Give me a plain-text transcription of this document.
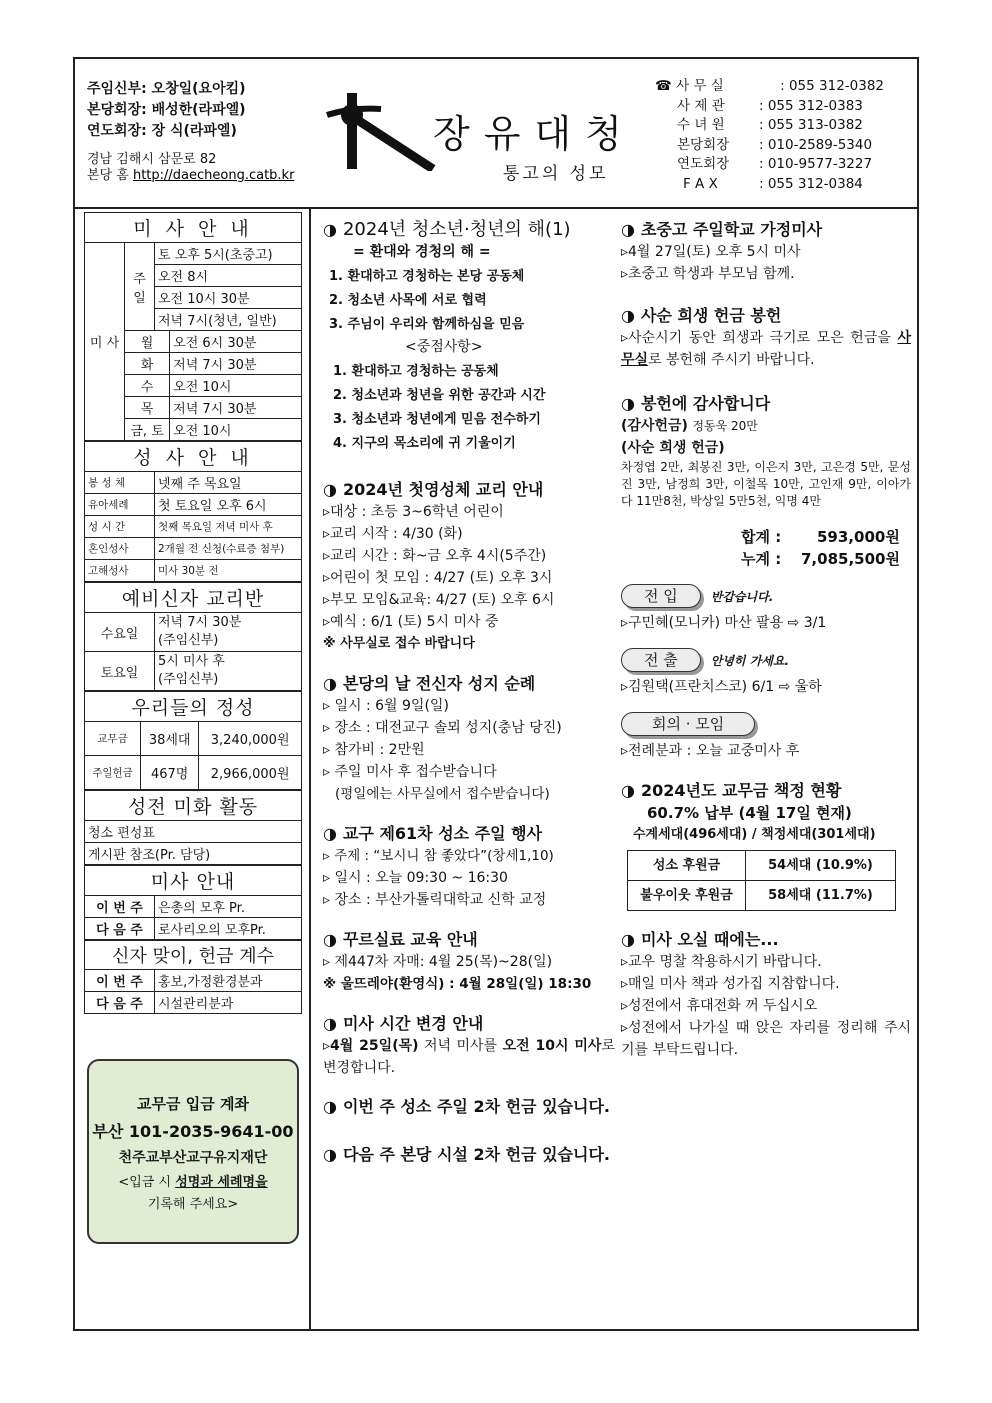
주임신부: 오창일(요아킴)
본당회장: 배성한(라파엘)
연도회장: 장 식(라파엘)
경남 김해시 삼문로 82
본당 홈 http://daecheong.catb.kr
장유대청
통고의 성모
☎ 사 무 실	: 055 312-0382
사 제 관	: 055 312-0383
수 녀 원	: 055 313-0382
본당회장 : 010-2589-5340
연도회장 : 010-9577-3227
F A X	: 055 312-0384
미 사 안 내			
미 사	주 일	토 오후 5시(초중고)	
		오전 8시	
		오전 10시 30분	
		저녁 7시(청년, 일반)	
	월		오전 6시 30분
	화		저녁 7시 30분
	수		오전 10시
	목		저녁 7시 30분
	금, 토		오전 10시
성 사 안 내	
봉 성 체	넷째 주 목요일
유아세례	첫 토요일 오후 6시
성 시 간	첫째 목요일 저녁 미사 후
혼인성사	2개월 전 신청(수료증 첨부)
고해성사	미사 30분 전
예비신자 교리반	
수요일	저녁 7시 30분
(주임신부)

토요일	5시 미사 후
(주임신부)
우리들의 정성		
교무금	38세대	3,240,000원
주일헌금	467명	2,966,000원
성전 미화 활동
청소 편성표
게시판 참조(Pr. 담당)
미사 안내	
이 번 주	은총의 모후 Pr.
다 음 주	로사리오의 모후Pr.
신자 맞이, 헌금 계수	
이 번 주	홍보,가정환경분과
다 음 주	시설관리분과
교무금 입금 계좌
부산 101-2035-9641-00
천주교부산교구유지재단
<입금 시 성명과 세례명을
기록해 주세요>
◑ 2024년 청소년·청년의 해(1)
= 환대와 경청의 해 =
1. 환대하고 경청하는 본당 공동체
2. 청소년 사목에 서로 협력
3. 주님이 우리와 함께하심을 믿음
<중점사항>
1. 환대하고 경청하는 공동체
2. 청소년과 청년을 위한 공간과 시간
3. 청소년과 청년에게 믿음 전수하기
4. 지구의 목소리에 귀 기울이기
◑ 2024년 첫영성체 교리 안내
▹대상 : 초등 3~6학년 어린이
▹교리 시작 : 4/30 (화)
▹교리 시간 : 화~금 오후 4시(5주간)
▹어린이 첫 모임 : 4/27 (토) 오후 3시
▹부모 모임&교육: 4/27 (토) 오후 6시
▹예식 : 6/1 (토) 5시 미사 중
※ 사무실로 접수 바랍니다
◑ 본당의 날 전신자 성지 순례
▹ 일시 : 6월 9일(일)
▹ 장소 : 대전교구 솔뫼 성지(충남 당진)
▹ 참가비 : 2만원
▹ 주일 미사 후 접수받습니다
(평일에는 사무실에서 접수받습니다)
◑ 교구 제61차 성소 주일 행사
▹ 주제 : “보시니 참 좋았다”(창세1,10)
▹ 일시 : 오늘 09:30 ~ 16:30
▹ 장소 : 부산가톨릭대학교 신학 교정
◑ 꾸르실료 교육 안내
▹ 제447차 자매: 4월 25(목)~28(일)
※ 울뜨레야(환영식) : 4월 28일(일) 18:30
◑ 미사 시간 변경 안내
▹4월 25일(목) 저녁 미사를 오전 10시 미사로 변경합니다.
◑ 이번 주 성소 주일 2차 헌금 있습니다.
◑ 다음 주 본당 시설 2차 헌금 있습니다.
◑ 초중고 주일학교 가정미사
▹4월 27일(토) 오후 5시 미사
▹초중고 학생과 부모님 함께.
◑ 사순 희생 헌금 봉헌
▹사순시기 동안 희생과 극기로 모은 헌금을 사무실로 봉헌해 주시기 바랍니다.
◑ 봉헌에 감사합니다
(감사헌금) 정동욱 20만
(사순 희생 헌금)
차정엽 2만, 최봉진 3만, 이은지 3만, 고은경 5만, 문성진 3만, 남정희 3만, 이철목 10만, 고인재 9만, 이아가다 11만8천, 박상일 5만5천, 익명 4만
합계 : 593,000원
누계 : 7,085,500원
전 입	반갑습니다.
▹구민혜(모니카) 마산 팔용 ⇨ 3/1
전 출	안녕히 가세요.
▹김원택(프란치스코) 6/1 ⇨ 울하
회의 · 모임
▹전례분과 : 오늘 교중미사 후
◑ 2024년도 교무금 책정 현황
60.7% 납부 (4월 17일 현재)
수계세대(496세대) / 책정세대(301세대)
성소 후원금	54세대 (10.9%)
불우이웃 후원금	58세대 (11.7%)
◑ 미사 오실 때에는...
▹교우 명찰 착용하시기 바랍니다.
▹매일 미사 책과 성가집 지참합니다.
▹성전에서 휴대전화 꺼 두십시오
▹성전에서 나가실 때 앉은 자리를 정리해 주시기를 부탁드립니다.
